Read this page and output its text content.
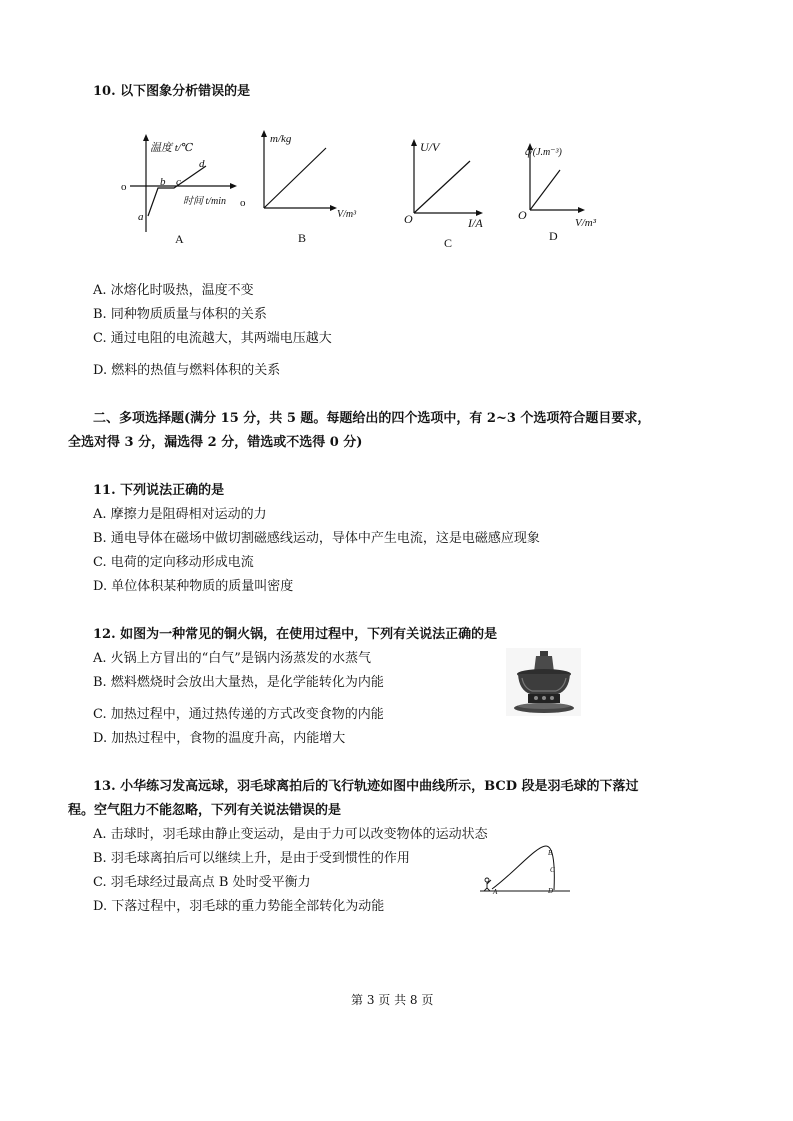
10. 以下图象分析错误的是
温度 t/℃
时间 t/min
o
a
b c
d
A
m/kg
V/m³
o
B
U/V
I/A
O
C
q/(J.m⁻³)
V/m³
O
D
A. 冰熔化时吸热，温度不变
B. 同种物质质量与体积的关系
C. 通过电阻的电流越大，其两端电压越大
D. 燃料的热值与燃料体积的关系
二、多项选择题(满分 15 分，共 5 题。每题给出的四个选项中，有 2~3 个选项符合题目要求，
全选对得 3 分，漏选得 2 分，错选或不选得 0 分)
11. 下列说法正确的是
A. 摩擦力是阻碍相对运动的力
B. 通电导体在磁场中做切割磁感线运动，导体中产生电流，这是电磁感应现象
C. 电荷的定向移动形成电流
D. 单位体积某种物质的质量叫密度
12. 如图为一种常见的铜火锅，在使用过程中，下列有关说法正确的是
A. 火锅上方冒出的“白气”是锅内汤蒸发的水蒸气
B. 燃料燃烧时会放出大量热，是化学能转化为内能
C. 加热过程中，通过热传递的方式改变食物的内能
D. 加热过程中，食物的温度升高，内能增大
13. 小华练习发高远球，羽毛球离拍后的飞行轨迹如图中曲线所示，BCD 段是羽毛球的下落过
程。空气阻力不能忽略，下列有关说法错误的是
A. 击球时，羽毛球由静止变运动，是由于力可以改变物体的运动状态
B. 羽毛球离拍后可以继续上升，是由于受到惯性的作用
C. 羽毛球经过最高点 B 处时受平衡力
D. 下落过程中，羽毛球的重力势能全部转化为动能
A
B
C
D
第 3 页 共 8 页
